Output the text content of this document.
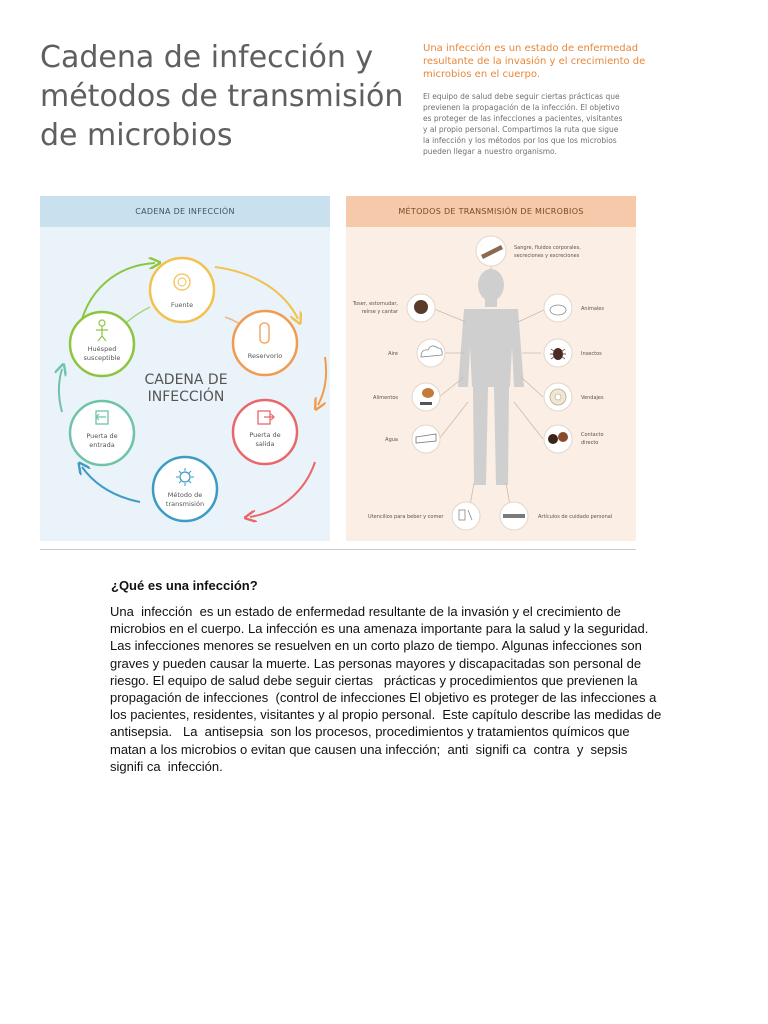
Cadena de infección y
métodos de transmisión
de microbios
Una infección es un estado de enfermedad
resultante de la invasión y el crecimiento de
microbios en el cuerpo.
El equipo de salud debe seguir ciertas prácticas que
previenen la propagación de la infección. El objetivo
es proteger de las infecciones a pacientes, visitantes
y al propio personal. Compartimos la ruta que sigue
la infección y los métodos por los que los microbios
pueden llegar a nuestro organismo.
CADENA DE INFECCIÓN
Fuente
Reservorio
Puerta de
salida
Método de
transmisión
Puerta de
entrada
Huésped
susceptible
CADENA DE
INFECCIÓN
MÉTODOS DE TRANSMISIÓN DE MICROBIOS
Sangre, fluidos corporales,
secreciones y excreciones
Toser, estornudar,
reírse y cantar
Aire
Alimentos
Agua
Utencilios para beber y comer
Animales
Insectos
Vendajes
Contacto
directo
Artículos de cuidado personal
¿Qué es una infección?
Una  infección  es un estado de enfermedad resultante de la invasión y el crecimiento de
microbios en el cuerpo. La infección es una amenaza importante para la salud y la seguridad.
Las infecciones menores se resuelven en un corto plazo de tiempo. Algunas infecciones son
graves y pueden causar la muerte. Las personas mayores y discapacitadas son personal de
riesgo. El equipo de salud debe seguir ciertas   prácticas y procedimientos que previenen la
propagación de infecciones  (control de infecciones El objetivo es proteger de las infecciones a
los pacientes, residentes, visitantes y al propio personal.  Este capítulo describe las medidas de
antisepsia.   La  antisepsia  son los procesos, procedimientos y tratamientos químicos que
matan a los microbios o evitan que causen una infección;  anti  signifi ca  contra  y  sepsis
signifi ca  infección.
